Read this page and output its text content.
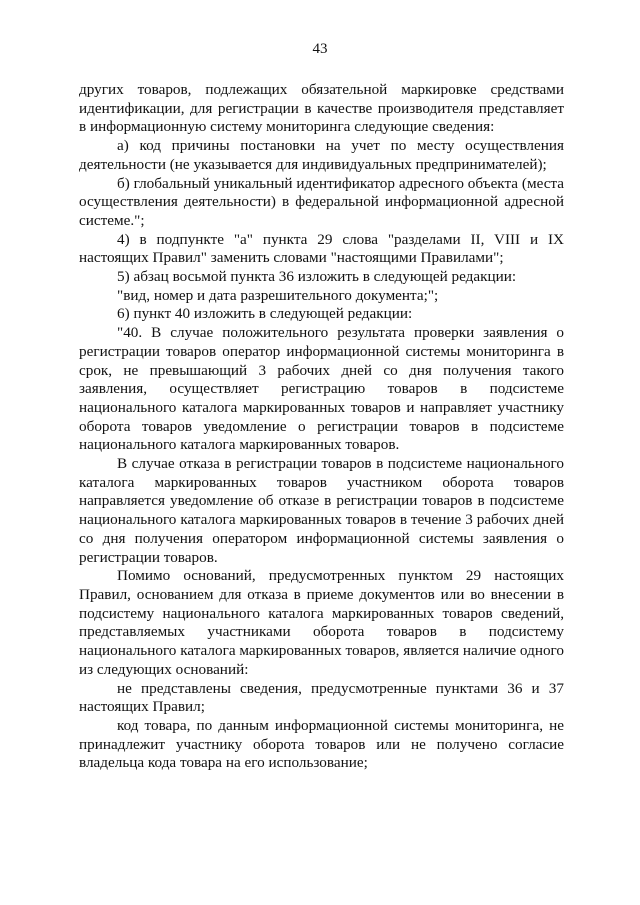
43

других товаров, подлежащих обязательной маркировке средствами идентификации, для регистрации в качестве производителя представляет в информационную систему мониторинга следующие сведения:

а) код причины постановки на учет по месту осуществления деятельности (не указывается для индивидуальных предпринимателей);

б) глобальный уникальный идентификатор адресного объекта (места осуществления деятельности) в федеральной информационной адресной системе.";

4) в подпункте "а" пункта 29 слова "разделами II, VIII и IX настоящих Правил" заменить словами "настоящими Правилами";

5) абзац восьмой пункта 36 изложить в следующей редакции:

"вид, номер и дата разрешительного документа;";

6) пункт 40 изложить в следующей редакции:

"40. В случае положительного результата проверки заявления о регистрации товаров оператор информационной системы мониторинга в срок, не превышающий 3 рабочих дней со дня получения такого заявления, осуществляет регистрацию товаров в подсистеме национального каталога маркированных товаров и направляет участнику оборота товаров уведомление о регистрации товаров в подсистеме национального каталога маркированных товаров.

В случае отказа в регистрации товаров в подсистеме национального каталога маркированных товаров участником оборота товаров направляется уведомление об отказе в регистрации товаров в подсистеме национального каталога маркированных товаров в течение 3 рабочих дней со дня получения оператором информационной системы заявления о регистрации товаров.

Помимо оснований, предусмотренных пунктом 29 настоящих Правил, основанием для отказа в приеме документов или во внесении в подсистему национального каталога маркированных товаров сведений, представляемых участниками оборота товаров в подсистему национального каталога маркированных товаров, является наличие одного из следующих оснований:

не представлены сведения, предусмотренные пунктами 36 и 37 настоящих Правил;

код товара, по данным информационной системы мониторинга, не принадлежит участнику оборота товаров или не получено согласие владельца кода товара на его использование;
